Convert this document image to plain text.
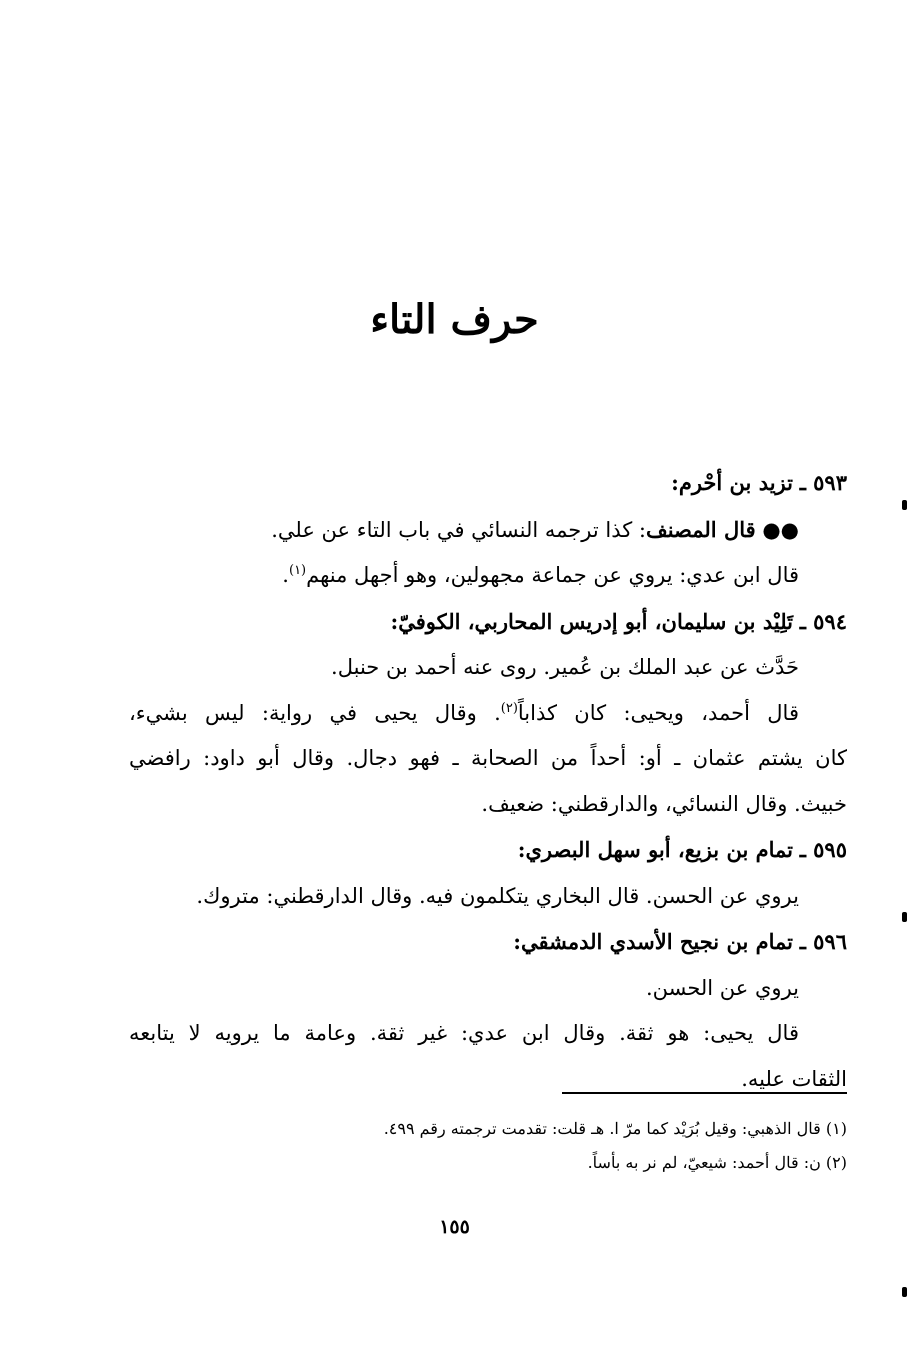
حرف التاء
٥٩٣ ـ تزيد بن أحْرم:
●● قال المصنف: كذا ترجمه النسائي في باب التاء عن علي.
قال ابن عدي: يروي عن جماعة مجهولين، وهو أجهل منهم$^{(١)}$.
٥٩٤ ـ تَلِيْد بن سليمان، أبو إدريس المحاربي، الكوفيّ:
حَدَّث عن عبد الملك بن عُمير. روى عنه أحمد بن حنبل.
قال أحمد، ويحيى: كان كذاباً$^{(٢)}$. وقال يحيى في رواية: ليس بشيء،
كان يشتم عثمان ـ أو: أحداً من الصحابة ـ فهو دجال. وقال أبو داود: رافضي
خبيث. وقال النسائي، والدارقطني: ضعيف.
٥٩٥ ـ تمام بن بزيع، أبو سهل البصري:
يروي عن الحسن. قال البخاري يتكلمون فيه. وقال الدارقطني: متروك.
٥٩٦ ـ تمام بن نجيح الأسدي الدمشقي:
يروي عن الحسن.
قال يحيى: هو ثقة. وقال ابن عدي: غير ثقة. وعامة ما يرويه لا يتابعه
الثقات عليه.
(١) قال الذهبي: وقيل بُرَيْد كما مرّ ا. هـ قلت: تقدمت ترجمته رقم ٤٩٩.
(٢) ن: قال أحمد: شيعيّ، لم نر به بأساً.
١٥٥
